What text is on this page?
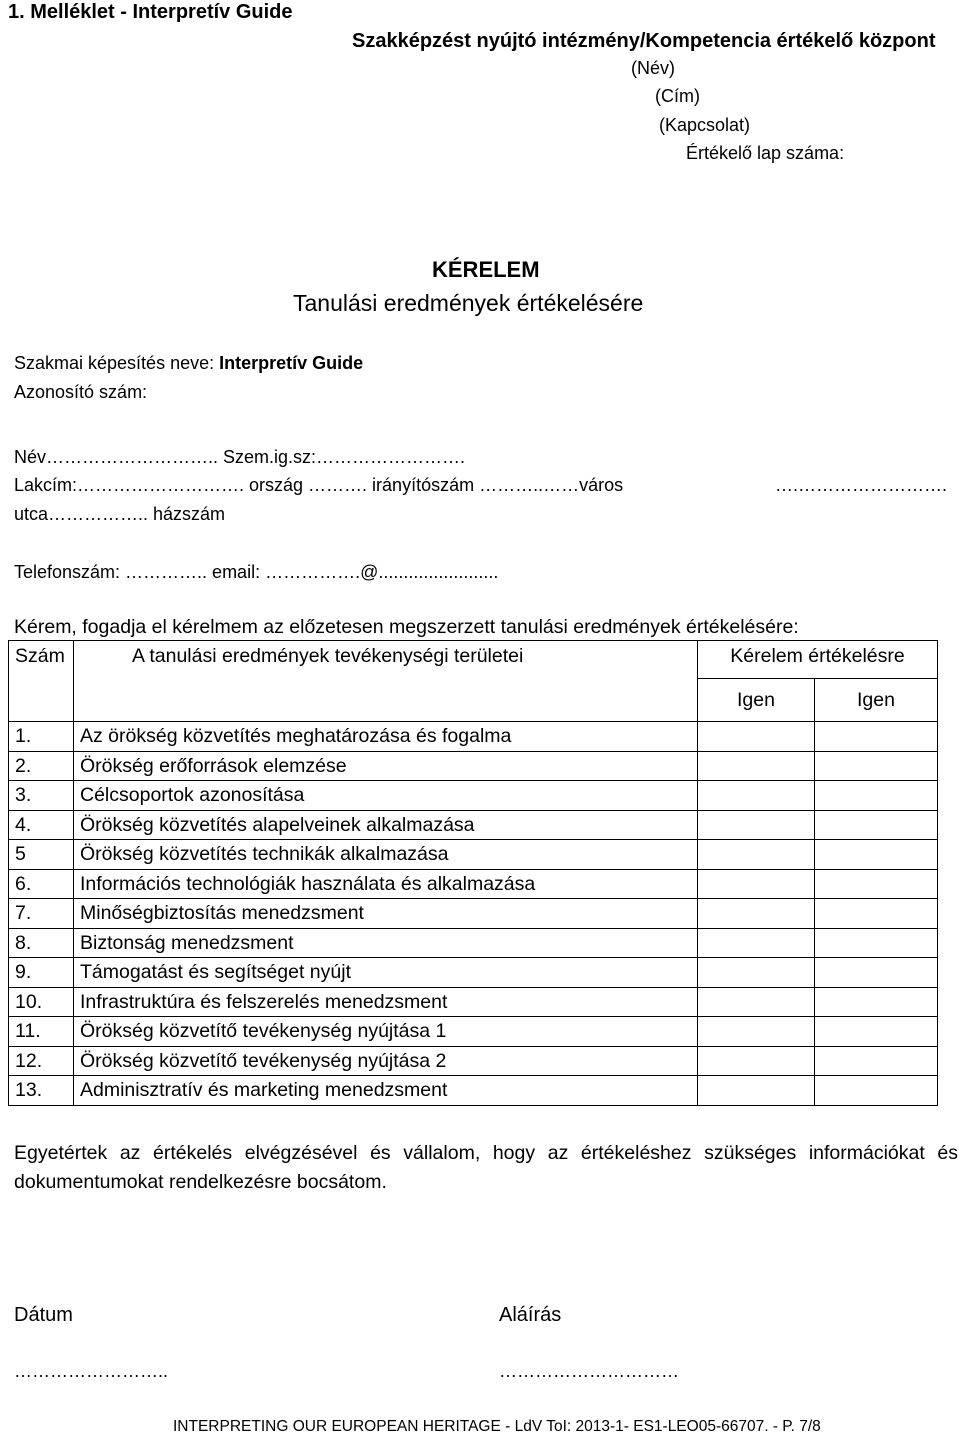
1. Melléklet - Interpretív Guide
Szakképzést nyújtó intézmény/Kompetencia értékelő központ
(Név)
(Cím)
(Kapcsolat)
Értékelő lap száma:
KÉRELEM
Tanulási eredmények értékelésére
Szakmai képesítés neve: Interpretív Guide
Azonosító szám:
Név……………………….. Szem.ig.sz:…………………….
Lakcím:………………………. ország ………. irányítószám ………..……város	….…………………….
utca…………….. házszám
Telefonszám: ………….. email: …………….@........................
Kérem, fogadja el kérelmem az előzetesen megszerzett tanulási eredmények értékelésére:
Szám	A tanulási eredmények tevékenységi területei	Kérelem értékelésre	
		Igen	Igen
1.	Az örökség közvetítés meghatározása és fogalma		
2.	Örökség erőforrások elemzése		
3.	Célcsoportok azonosítása		
4.	Örökség közvetítés alapelveinek alkalmazása		
5	Örökség közvetítés technikák alkalmazása		
6.	Információs technológiák használata és alkalmazása		
7.	Minőségbiztosítás menedzsment		
8.	Biztonság menedzsment		
9.	Támogatást és segítséget nyújt		
10.	Infrastruktúra és felszerelés menedzsment		
11.	Örökség közvetítő tevékenység nyújtása 1		
12.	Örökség közvetítő tevékenység nyújtása 2		
13.	Adminisztratív és marketing menedzsment		
Egyetértek az értékelés elvégzésével és vállalom, hogy az értékeléshez szükséges információkat és dokumentumokat rendelkezésre bocsátom.
Dátum	Aláírás
……………………..	…………………………
INTERPRETING OUR EUROPEAN HERITAGE - LdV ToI: 2013-1- ES1-LEO05-66707. - P. 7/8
